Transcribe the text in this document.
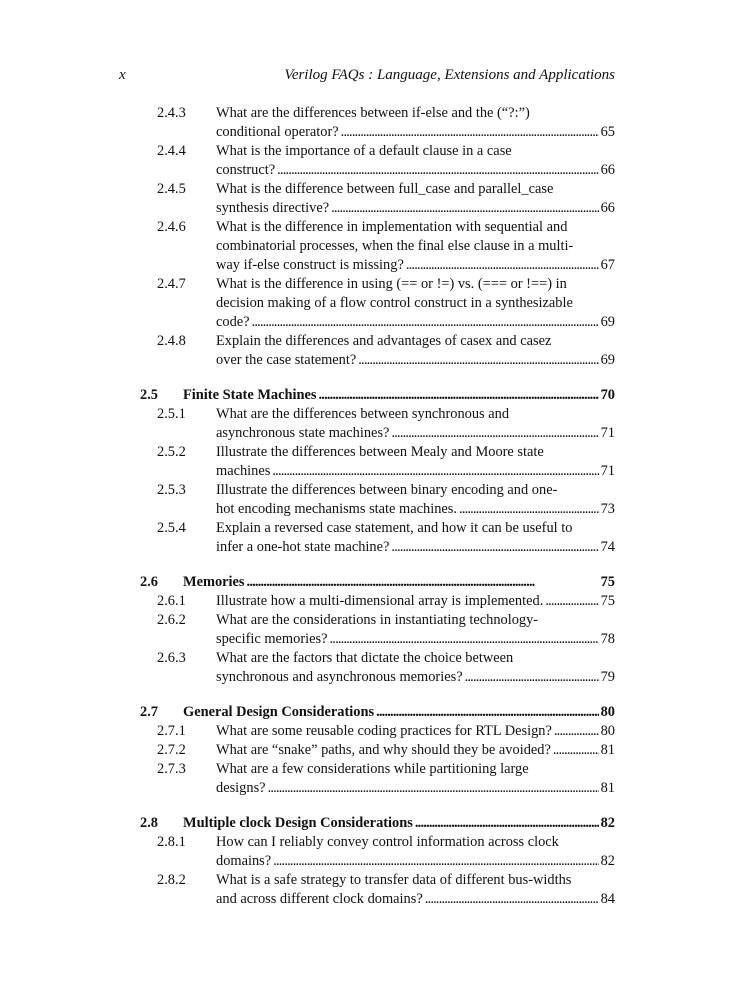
x	Verilog FAQs : Language, Extensions and Applications
2.4.3 What are the differences between if-else and the (“?:”)
conditional operator? . . .	65
2.4.4 What is the importance of a default clause in a case
construct? . . .	66
2.4.5 What is the difference between full_case and parallel_case
synthesis directive? . . .	66
2.4.6 What is the difference in implementation with sequential and
combinatorial processes, when the final else clause in a multi-
way if-else construct is missing? . . .	67
2.4.7 What is the difference in using (== or !=) vs. (=== or !==) in
decision making of a flow control construct in a synthesizable
code? . . .	69
2.4.8 Explain the differences and advantages of casex and casez
over the case statement? . . .	69
2.5	Finite State Machines . . .	70
2.5.1 What are the differences between synchronous and
asynchronous state machines? . . .	71
2.5.2 Illustrate the differences between Mealy and Moore state
machines . . .	71
2.5.3 Illustrate the differences between binary encoding and one-
hot encoding mechanisms state machines. . . .	73
2.5.4 Explain a reversed case statement, and how it can be useful to
infer a one-hot state machine? . . .	74
2.6	Memories . . .	75
2.6.1 Illustrate how a multi-dimensional array is implemented. . . .	75
2.6.2 What are the considerations in instantiating technology-
specific memories? . . .	78
2.6.3 What are the factors that dictate the choice between
synchronous and asynchronous memories? . . .	79
2.7	General Design Considerations . . .	80
2.7.1 What are some reusable coding practices for RTL Design? . . .	80
2.7.2 What are “snake” paths, and why should they be avoided? . . .	81
2.7.3 What are a few considerations while partitioning large
designs? . . .	81
2.8	Multiple clock Design Considerations . . .	82
2.8.1 How can I reliably convey control information across clock
domains? . . .	82
2.8.2 What is a safe strategy to transfer data of different bus-widths
and across different clock domains? . . .	84
